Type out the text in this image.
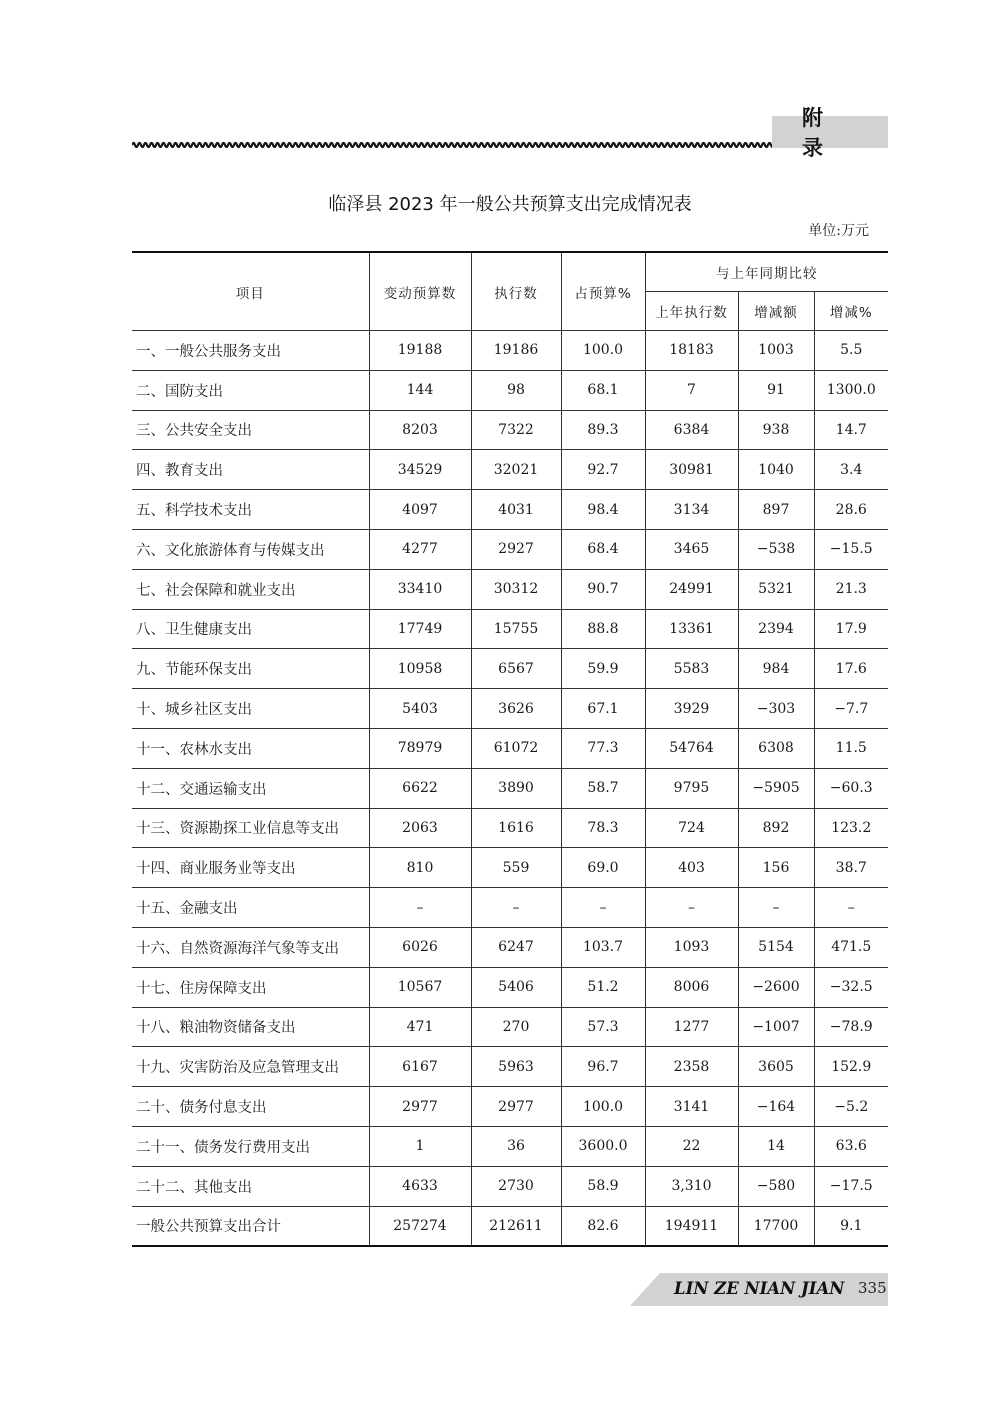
附 录
临泽县 2023 年一般公共预算支出完成情况表
单位:万元
项目	变动预算数	执行数	占预算%	与上年同期比较		
				上年执行数	增减额	增减%
一、一般公共服务支出	19188	19186	100.0	18183	1003	5.5
二、国防支出	144	98	68.1	7	91	1300.0
三、公共安全支出	8203	7322	89.3	6384	938	14.7
四、教育支出	34529	32021	92.7	30981	1040	3.4
五、科学技术支出	4097	4031	98.4	3134	897	28.6
六、文化旅游体育与传媒支出	4277	2927	68.4	3465	−538	−15.5
七、社会保障和就业支出	33410	30312	90.7	24991	5321	21.3
八、卫生健康支出	17749	15755	88.8	13361	2394	17.9
九、节能环保支出	10958	6567	59.9	5583	984	17.6
十、城乡社区支出	5403	3626	67.1	3929	−303	−7.7
十一、农林水支出	78979	61072	77.3	54764	6308	11.5
十二、交通运输支出	6622	3890	58.7	9795	−5905	−60.3
十三、资源勘探工业信息等支出	2063	1616	78.3	724	892	123.2
十四、商业服务业等支出	810	559	69.0	403	156	38.7
十五、金融支出	–	–	–	–	–	–
十六、自然资源海洋气象等支出	6026	6247	103.7	1093	5154	471.5
十七、住房保障支出	10567	5406	51.2	8006	−2600	−32.5
十八、粮油物资储备支出	471	270	57.3	1277	−1007	−78.9
十九、灾害防治及应急管理支出	6167	5963	96.7	2358	3605	152.9
二十、债务付息支出	2977	2977	100.0	3141	−164	−5.2
二十一、债务发行费用支出	1	36	3600.0	22	14	63.6
二十二、其他支出	4633	2730	58.9	3,310	−580	−17.5
一般公共预算支出合计	257274	212611	82.6	194911	17700	9.1
LIN ZE NIAN JIAN 335
